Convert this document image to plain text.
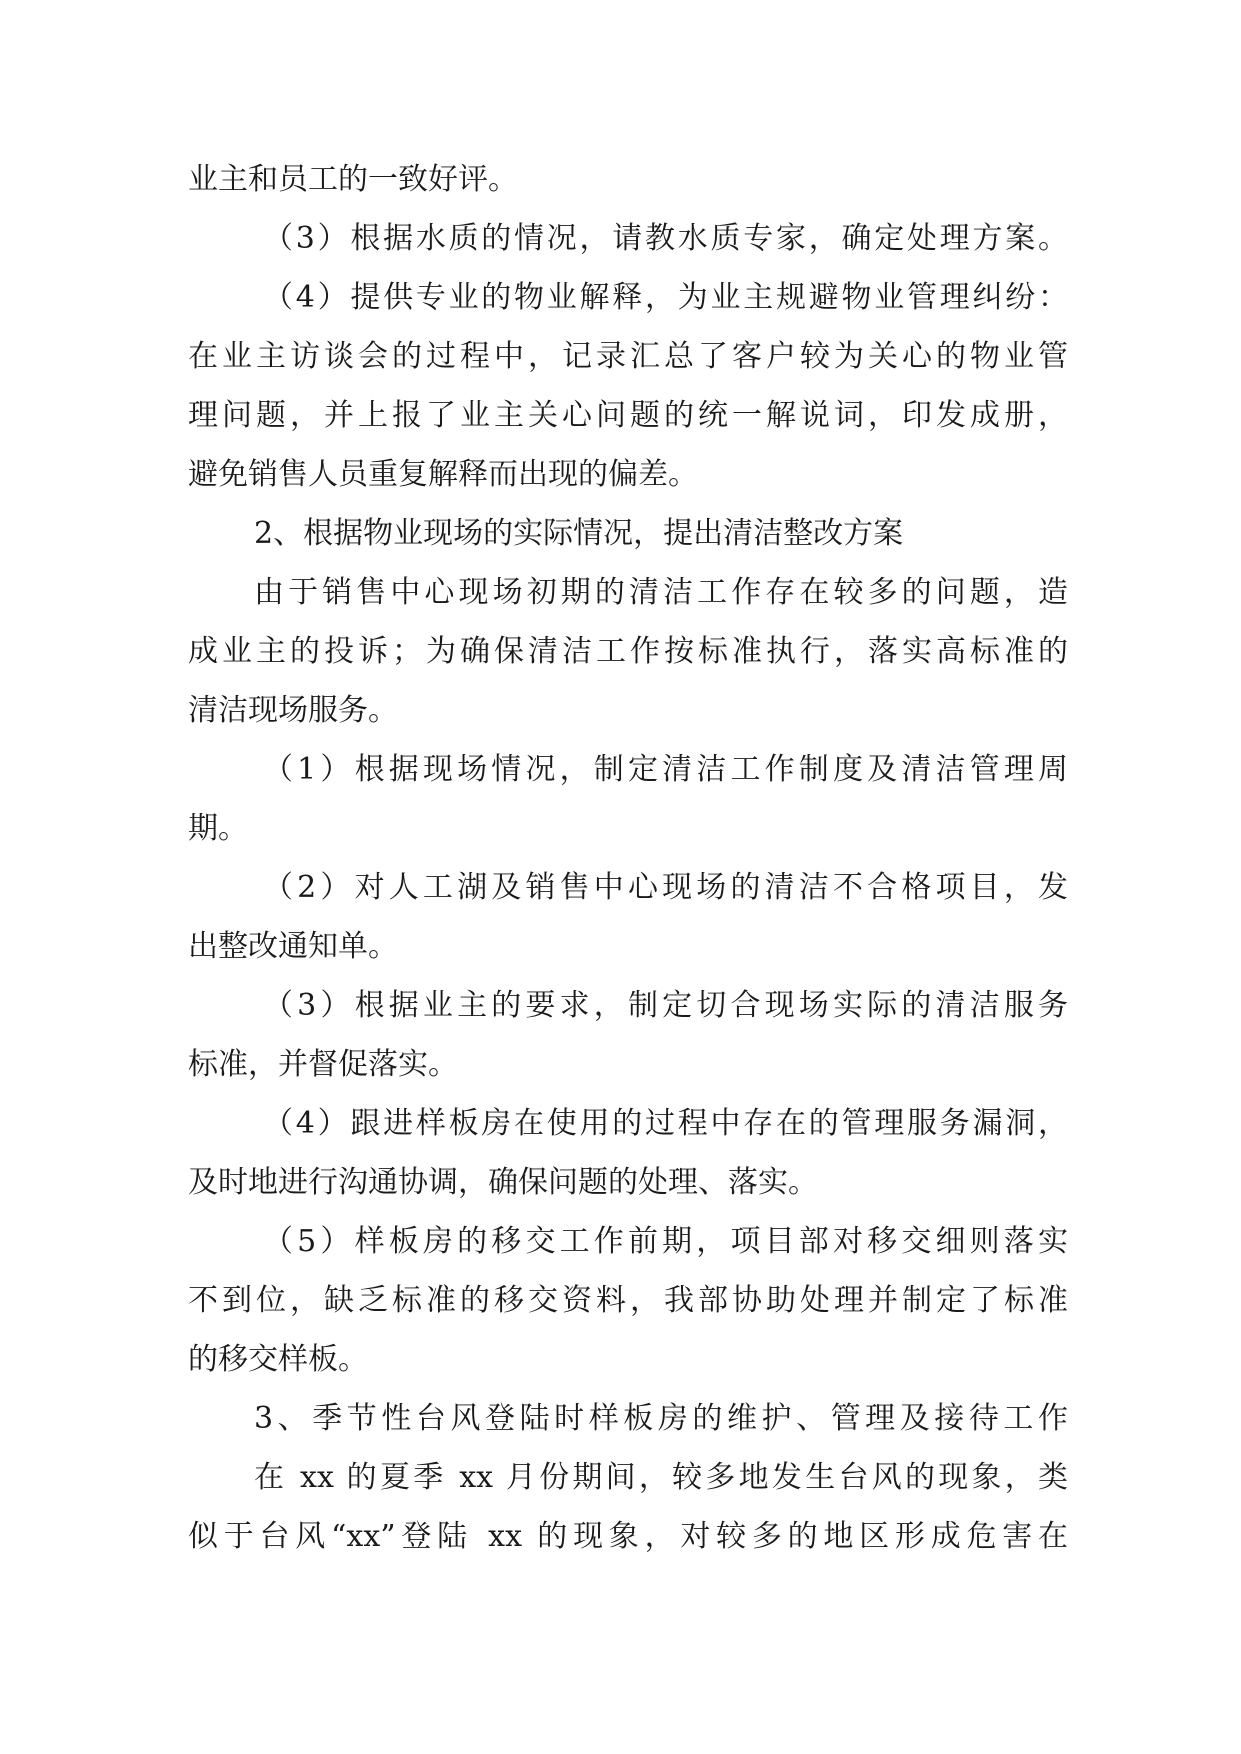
业主和员工的一致好评。
（3）根据水质的情况，请教水质专家，确定处理方案。
（4）提供专业的物业解释，为业主规避物业管理纠纷：
在业主访谈会的过程中，记录汇总了客户较为关心的物业管
理问题，并上报了业主关心问题的统一解说词，印发成册，
避免销售人员重复解释而出现的偏差。
2、根据物业现场的实际情况，提出清洁整改方案
由于销售中心现场初期的清洁工作存在较多的问题，造
成业主的投诉；为确保清洁工作按标准执行，落实高标准的
清洁现场服务。
（1）根据现场情况，制定清洁工作制度及清洁管理周
期。
（2）对人工湖及销售中心现场的清洁不合格项目，发
出整改通知单。
（3）根据业主的要求，制定切合现场实际的清洁服务
标准，并督促落实。
（4）跟进样板房在使用的过程中存在的管理服务漏洞，
及时地进行沟通协调，确保问题的处理、落实。
（5）样板房的移交工作前期，项目部对移交细则落实
不到位，缺乏标准的移交资料，我部协助处理并制定了标准
的移交样板。
3、季节性台风登陆时样板房的维护、管理及接待工作
在 xx 的夏季 xx 月份期间，较多地发生台风的现象，类
似于台风“xx”登陆 xx 的现象，对较多的地区形成危害在
